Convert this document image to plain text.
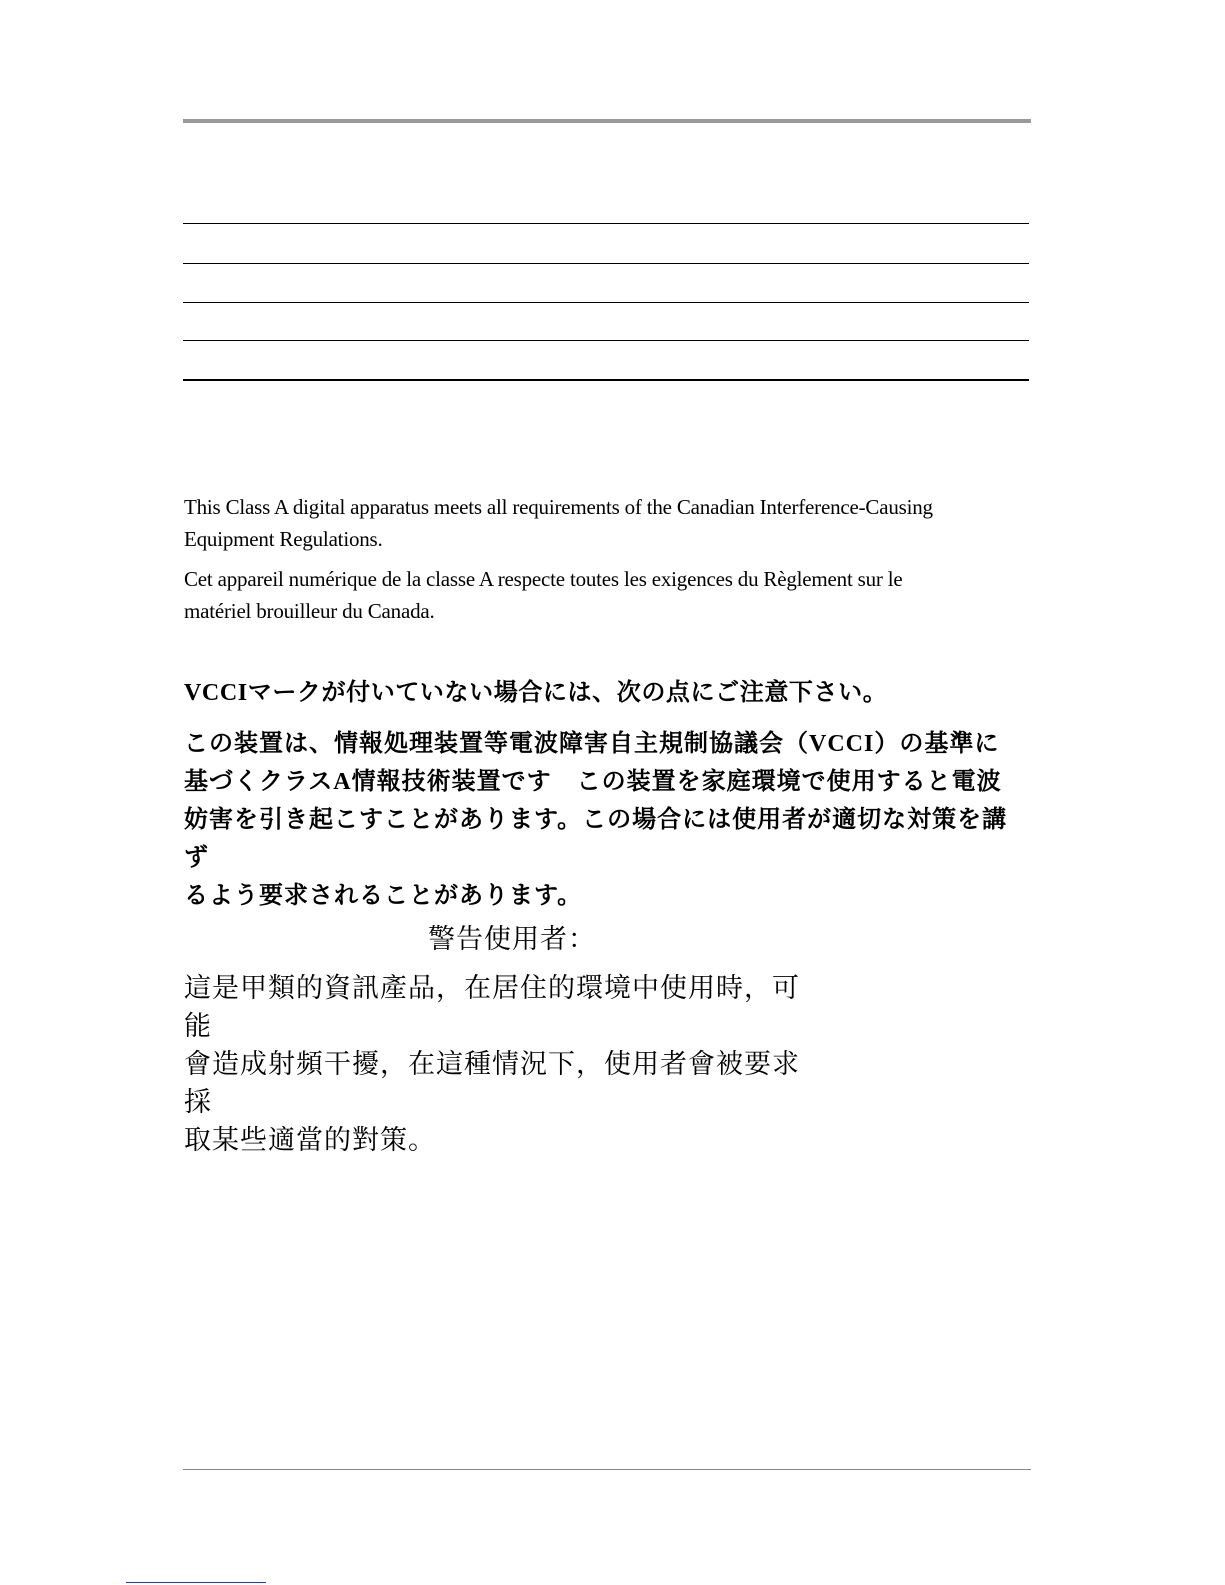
This Class A digital apparatus meets all requirements of the Canadian Interference-Causing
Equipment Regulations.

Cet appareil numérique de la classe A respecte toutes les exigences du Règlement sur le
matériel brouilleur du Canada.

VCCIマークが付いていない場合には、次の点にご注意下さい。

この装置は、情報処理装置等電波障害自主規制協議会（VCCI）の基準に
基づくクラスA情報技術装置です　この装置を家庭環境で使用すると電波
妨害を引き起こすことがあります。この場合には使用者が適切な対策を講ず
るよう要求されることがあります。

警告使用者：

這是甲類的資訊產品，在居住的環境中使用時，可能
會造成射頻干擾，在這種情況下，使用者會被要求採
取某些適當的對策。
